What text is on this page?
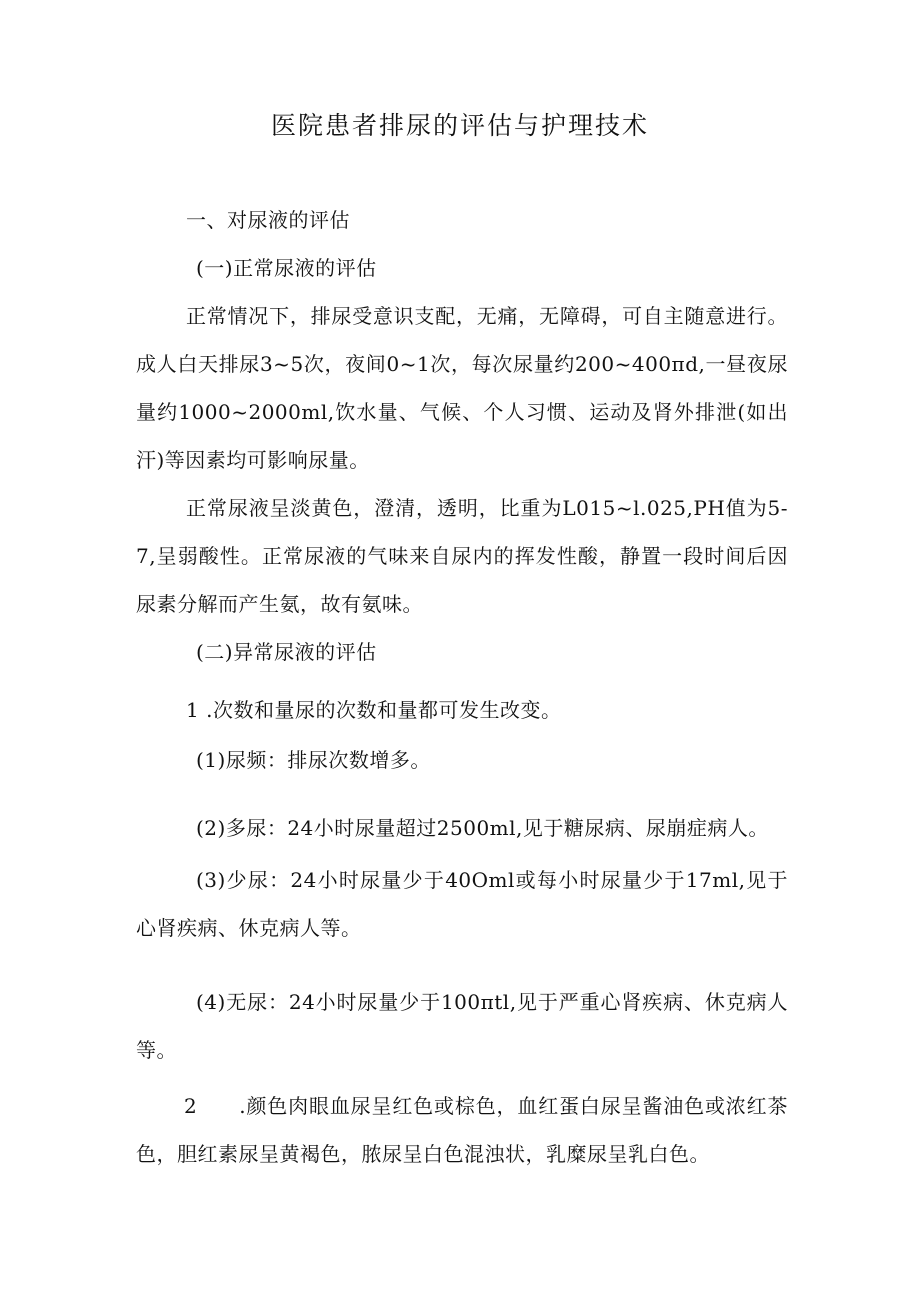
医院患者排尿的评估与护理技术

一、对尿液的评估

(一)正常尿液的评估

正常情况下，排尿受意识支配，无痛，无障碍，可自主随意进行。成人白天排尿3~5次，夜间0~1次，每次尿量约200~400πd,一昼夜尿量约1000~2000ml,饮水量、气候、个人习惯、运动及肾外排泄(如出汗)等因素均可影响尿量。

正常尿液呈淡黄色，澄清，透明，比重为L015~l.025,PH值为5-7,呈弱酸性。正常尿液的气味来自尿内的挥发性酸，静置一段时间后因尿素分解而产生氨，故有氨味。

(二)异常尿液的评估

1 .次数和量尿的次数和量都可发生改变。

(1)尿频：排尿次数增多。

(2)多尿：24小时尿量超过2500ml,见于糖尿病、尿崩症病人。

(3)少尿：24小时尿量少于40Oml或每小时尿量少于17ml,见于心肾疾病、休克病人等。

(4)无尿：24小时尿量少于100πtl,见于严重心肾疾病、休克病人等。

2　　.颜色肉眼血尿呈红色或棕色，血红蛋白尿呈酱油色或浓红茶色，胆红素尿呈黄褐色，脓尿呈白色混浊状，乳糜尿呈乳白色。
